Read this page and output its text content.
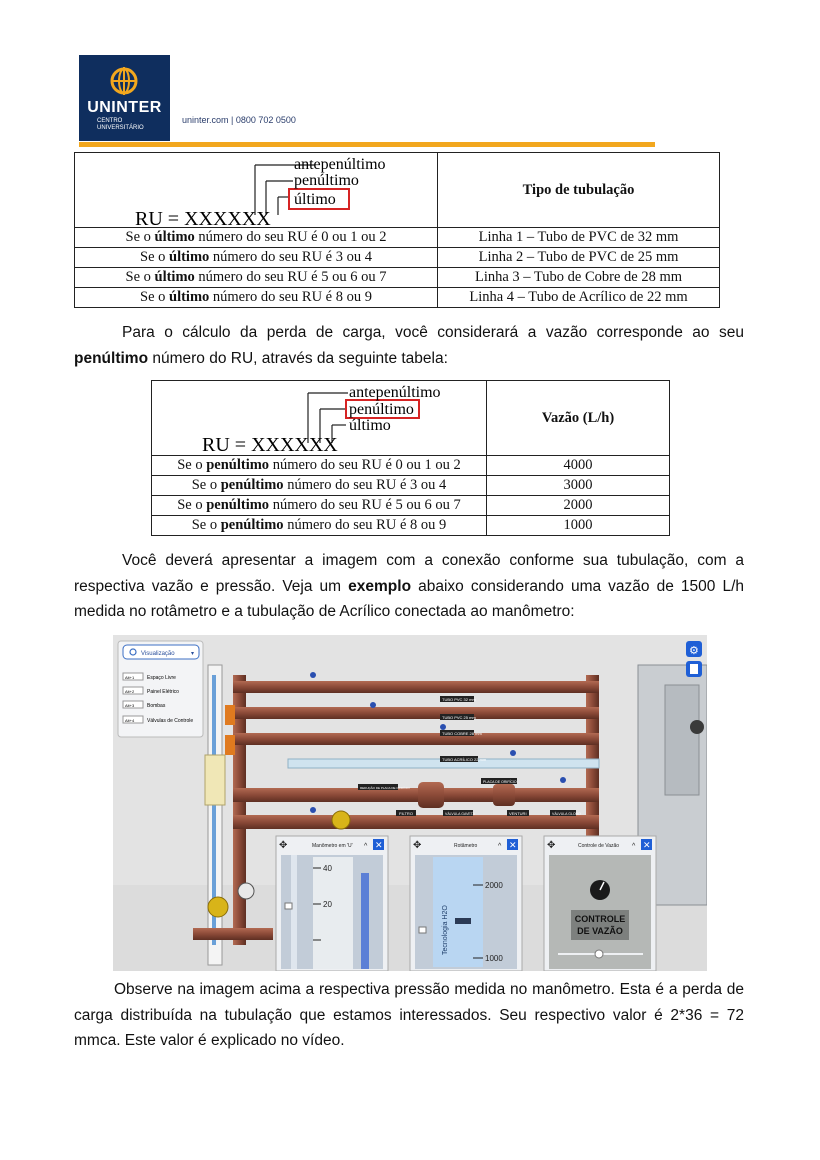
UNINTER
CENTRO
UNIVERSITÁRIO
uninter.com | 0800 702 0500
antepenúltimo
penúltimo
último
RU = XXXXXX	Tipo de tubulação
Se o último número do seu RU é 0 ou 1 ou 2	Linha 1 – Tubo de PVC de 32 mm
Se o último número do seu RU é 3 ou 4	Linha 2 – Tubo de PVC de 25 mm
Se o último número do seu RU é 5 ou 6 ou 7	Linha 3 – Tubo de Cobre de 28 mm
Se o último número do seu RU é 8 ou 9	Linha 4 – Tubo de Acrílico de 22 mm

Para o cálculo da perda de carga, você considerará a vazão corresponde ao seu penúltimo número do RU, através da seguinte tabela:

antepenúltimo
penúltimo
último
RU = XXXXXX	Vazão (L/h)
Se o penúltimo número do seu RU é 0 ou 1 ou 2	4000
Se o penúltimo número do seu RU é 3 ou 4	3000
Se o penúltimo número do seu RU é 5 ou 6 ou 7	2000
Se o penúltimo número do seu RU é 8 ou 9	1000

Você deverá apresentar a imagem com a conexão conforme sua tubulação, com a respectiva vazão e pressão. Veja um exemplo abaixo considerando uma vazão de 1500 L/h medida no rotâmetro e a tubulação de Acrílico conectada ao manômetro:

TUBO PVC 32 mm
TUBO PVC 25 mm
TUBO COBRE 28 mm
TUBO ACRÍLICO 22 mm
REDUÇÃO DE PLACA DE ORIFÍCIO
PLACA DE ORIFÍCIO
FILTRO	VÁLVULA GAVETA	VENTURI	VÁLVULA GLOBO
Visualização	▾
Alt+1	Espaço Livre
Alt+2	Painel Elétrico
Alt+3	Bombas
Alt+4	Válvulas de Controle
⚙
✥	Manômetro em 'U' ^ ✕
40
20
✥	Rotâmetro	^ ✕
Tecnologia H2O
2000
1000
✥	Controle de Vazão ^ ✕
CONTROLE
DE VAZÃO

Observe na imagem acima a respectiva pressão medida no manômetro. Esta é a perda de carga distribuída na tubulação que estamos interessados. Seu respectivo valor é 2*36 = 72 mmca. Este valor é explicado no vídeo.
